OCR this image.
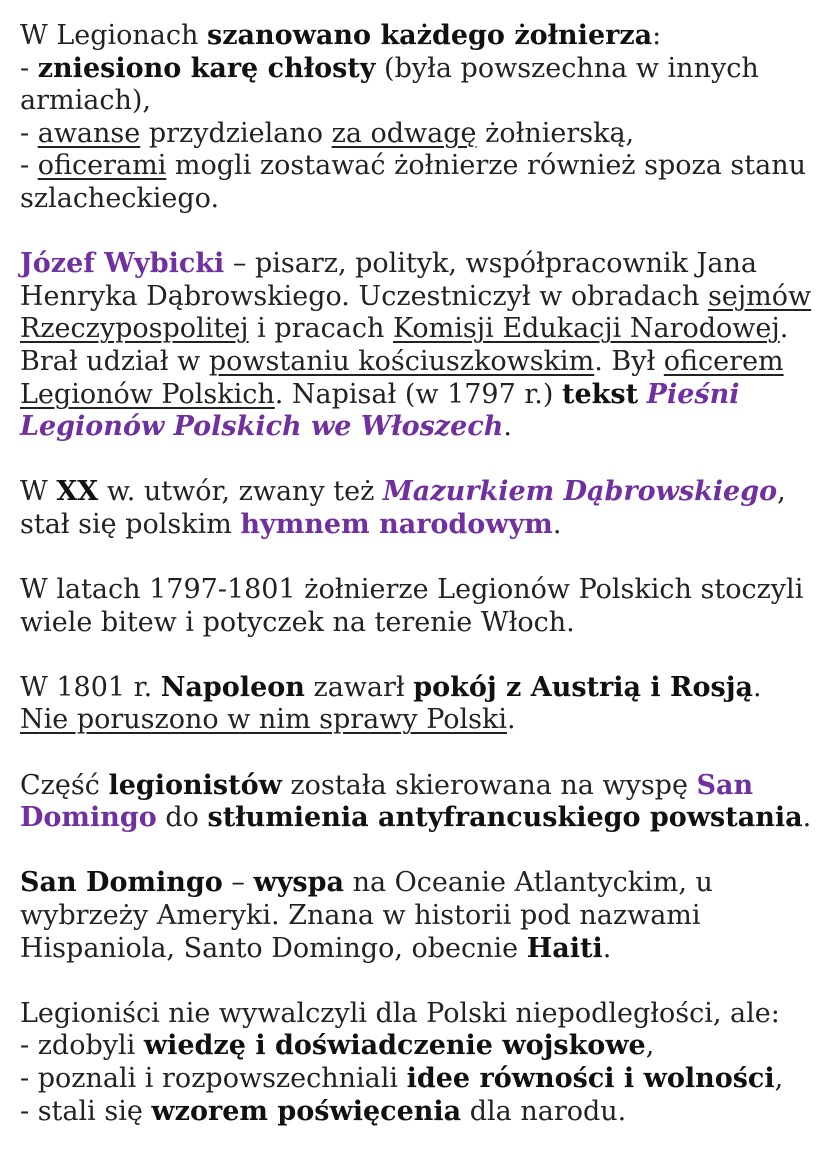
W Legionach szanowano każdego żołnierza:
- zniesiono karę chłosty (była powszechna w innych
armiach),
- awanse przydzielano za odwagę żołnierską,
- oficerami mogli zostawać żołnierze również spoza stanu
szlacheckiego.
Józef Wybicki – pisarz, polityk, współpracownik Jana
Henryka Dąbrowskiego. Uczestniczył w obradach sejmów
Rzeczypospolitej i pracach Komisji Edukacji Narodowej.
Brał udział w powstaniu kościuszkowskim. Był oficerem
Legionów Polskich. Napisał (w 1797 r.) tekst Pieśni
Legionów Polskich we Włoszech.
W XX w. utwór, zwany też Mazurkiem Dąbrowskiego,
stał się polskim hymnem narodowym.
W latach 1797-1801 żołnierze Legionów Polskich stoczyli
wiele bitew i potyczek na terenie Włoch.
W 1801 r. Napoleon zawarł pokój z Austrią i Rosją.
Nie poruszono w nim sprawy Polski.
Część legionistów została skierowana na wyspę San
Domingo do stłumienia antyfrancuskiego powstania.
San Domingo – wyspa na Oceanie Atlantyckim, u
wybrzeży Ameryki. Znana w historii pod nazwami
Hispaniola, Santo Domingo, obecnie Haiti.
Legioniści nie wywalczyli dla Polski niepodległości, ale:
- zdobyli wiedzę i doświadczenie wojskowe,
- poznali i rozpowszechniali idee równości i wolności,
- stali się wzorem poświęcenia dla narodu.
